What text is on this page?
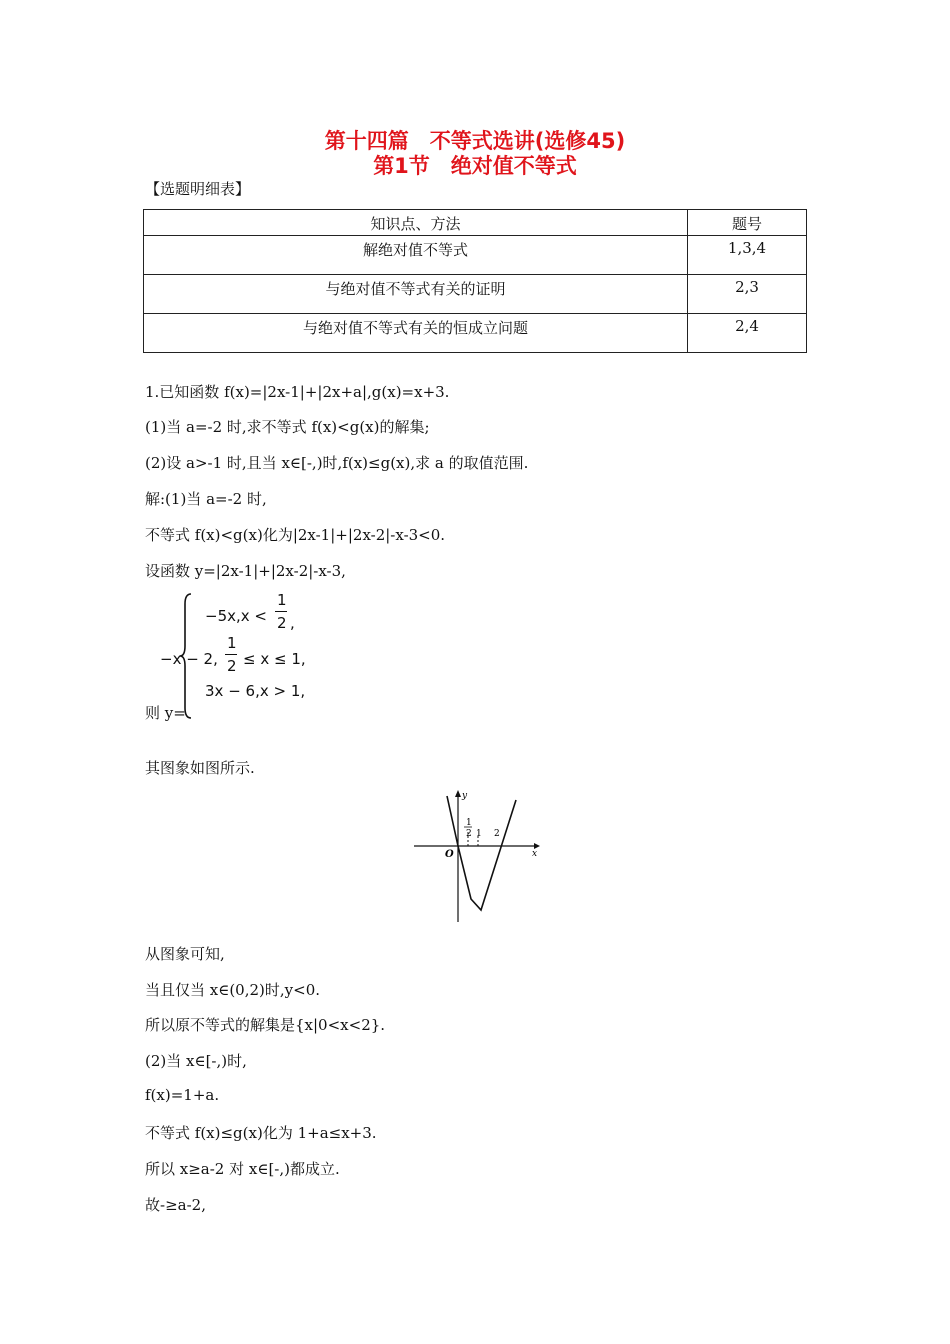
第十四篇　不等式选讲(选修45)
第1节　绝对值不等式
【选题明细表】
知识点、方法	题号
解绝对值不等式	1,3,4
与绝对值不等式有关的证明	2,3
与绝对值不等式有关的恒成立问题	2,4
1.已知函数 f(x)=|2x-1|+|2x+a|,g(x)=x+3.
(1)当 a=-2 时,求不等式 f(x)<g(x)的解集;
(2)设 a>-1 时,且当 x∈[-,)时,f(x)≤g(x),求 a 的取值范围.
解:(1)当 a=-2 时,
不等式 f(x)<g(x)化为|2x-1|+|2x-2|-x-3<0.
设函数 y=|2x-1|+|2x-2|-x-3,
则 y=
−5x,x <
1
2 ,
−x − 2,
1
2 ≤ x ≤ 1,
3x − 6,x > 1,
其图象如图所示.
1
2 1 2
O	x
y
从图象可知,
当且仅当 x∈(0,2)时,y<0.
所以原不等式的解集是{x|0<x<2}.
(2)当 x∈[-,)时,
f(x)=1+a.
不等式 f(x)≤g(x)化为 1+a≤x+3.
所以 x≥a-2 对 x∈[-,)都成立.
故-≥a-2,
